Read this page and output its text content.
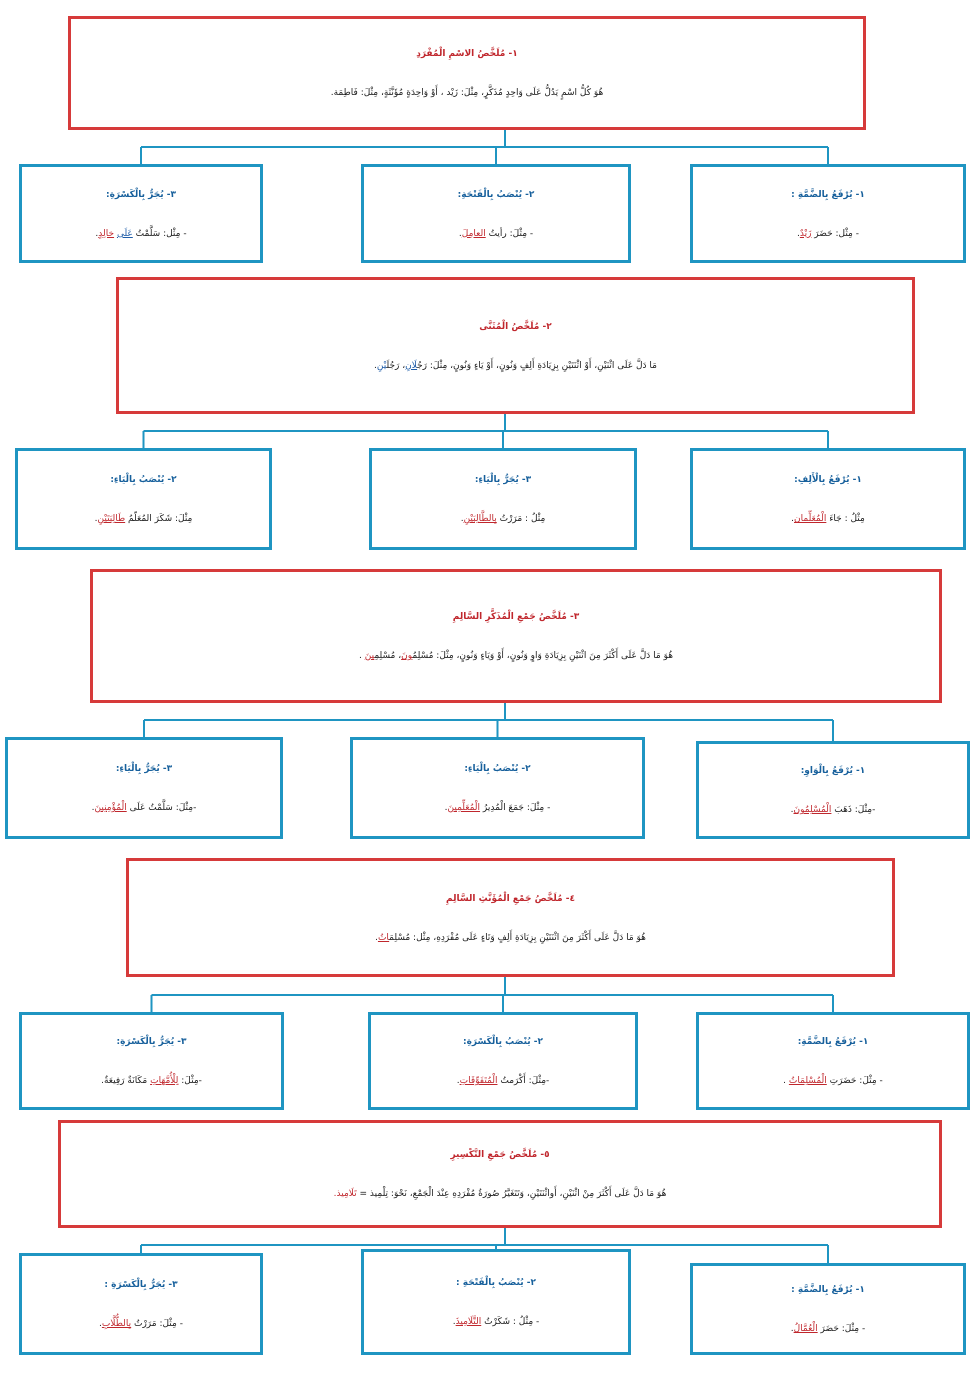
١- مُلَخَّصُ الاسْمِ الْمُفْرَدِ
هُوَ كُلُّ اسْمٍ يَدُلُّ عَلَى وَاحِدٍ مُذَكَّرٍ، مِثْلَ: زَيْد ، أَوْ وَاحِدَةٍ مُؤَنَّثَةٍ، مِثْلَ: فَاطِمَة.
١- يُرْفَعُ بِالضَّمَّةِ :
- مِثْل: حَضَرَ زَيْدٌ.
٢- يُنْصَبُ بِالْفَتْحَةِ:
- مِثْلَ: رأيتُ العامِلَ.
٣- يُجَرُّ بِالْكَسْرَةِ:
- مِثْل: سَلَّمْتُ عَلَى خالِدٍ.
٢- مُلَخَّصُ الْمُثَنَّى
مَا دَلَّ عَلَى اثْنَيْنِ، أَوْ اثْنَتَيْنِ بِزِيَادَةِ أَلِفٍ وَنُونٍ، أَوْ يَاءٍ وَنُونٍ، مِثْلَ: رَجُلَانِ، رَجُلَيْنِ.
١- يُرْفَعُ بِالْأَلِفِ:
مِثْلُ : جَاءَ الْمُعَلِّمان.
٣- يُجَرُّ بِالْيَاءِ:
مِثْلُ : مَرَرْتُ بِالطَّالِبَيْنِ.
٢- يُنْصَبُ بِالْيَاءِ:
مِثْلَ: شَكَرَ المُعَلّمُ طَالِبَتَيْنِ.
٣- مُلَخَّصُ جَمْعِ الْمُذَكَّرِ السَّالِمِ
هُوَ مَا دَلَّ عَلَى أَكْثَرَ مِنَ اثْنَيْنِ بِزِيَادَةِ وَاوٍ وَنُونٍ، أَوْ وَيَاءٍ وَنُونٍ، مِثْلَ: مُسْلِمُونَ، مُسْلِمِينَ .
١- يُرْفَعُ بِالْوَاوِ:
-مِثْلَ: ذَهَبَ الْمُسْلِمُونَ.
٢- يُنْصَبُ بِالْيَاءِ:
- مِثْلَ: جَمَعَ الْمُدِيرُ الْمُعَلِّمِينَ.
٣- يُجَرُّ بِالْيَاءِ:
-مِثْلَ: سَلَّمْتُ عَلَى الْمُؤْمِنِينَ.
٤- مُلَخَّصُ جَمْعِ الْمُؤَنَّثِ السَّالِمِ
هُوَ مَا دَلَّ عَلَى أَكْثَرَ مِنَ اثْنَتَيْنِ بِزِيَادَةِ أَلِفٍ وَتَاءٍ عَلَى مُفْرَدِهِ، مِثْل: مُسْلِمَاتُ.
١- يُرْفَعُ بِالضَّمَّةِ:
- مِثْلَ: حَضَرَتِ الْمُسْلِمَاتُ .
٢- يُنْصَبُ بِالْكَسْرَةِ:
-مِثْلَ: أَكْرَمتُ الْمُتَفَوِّقَاتِ.
٣- يُجَرُّ بِالْكَسْرَةِ:
-مِثْلَ: لِلْأُمَّهَاتِ مَكَانَةٌ رَفِيعَةٌ.
٥- مُلَخَّصُ جَمْعِ التَّكْسِيرِ
هُوَ مَا دَلَّ عَلَى أَكْثَرَ مِنْ اثْنَيْنِ، أَواثْنَتَيْنِ، وَتَتَغَيَّرُ صُورَةُ مُفْرَدِهِ عِنْدَ الْجَمْعِ، نَحْوَ: تِلْمِيذ = تَلَامِيذ.
١- يُرْفَعُ بِالضَّمَّةِ :
- مِثْلَ: حَضَرَ الْعُمَّالُ.
٢- يُنْصَبُ بِالْفَتْحَةِ :
- مِثْلُ : شَكَرْتُ التَّلَامِيذَ.
٣- يُجَرُّ بِالْكَسْرَةِ :
- مِثْلَ: مَرَرْتُ بِالطُّلَّابِ.
